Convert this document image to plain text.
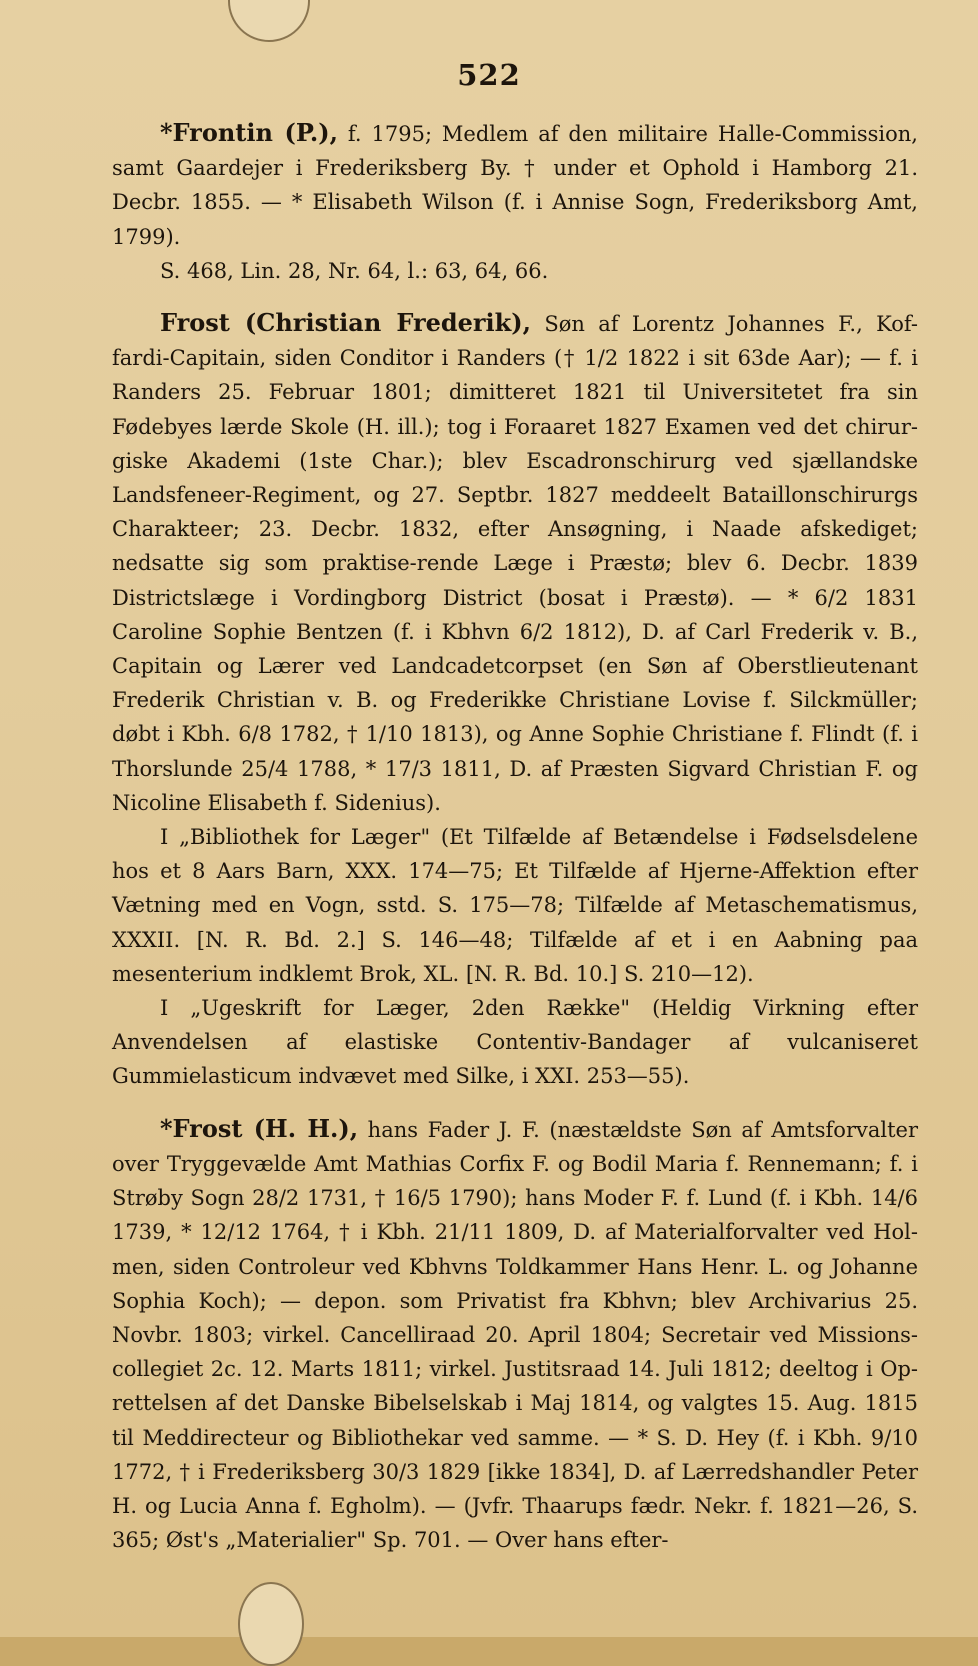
522

*Frontin (P.), f. 1795; Medlem af den militaire Halle-Commission, samt Gaardejer i Frederiksberg By. † under et Ophold i Hamborg 21. Decbr. 1855. — * Elisabeth Wilson (f. i Annise Sogn, Frederiksborg Amt, 1799).

S. 468, Lin. 28, Nr. 64, l.: 63, 64, 66.

Frost (Christian Frederik), Søn af Lorentz Johannes F., Kof-fardi-Capitain, siden Conditor i Randers († 1/2 1822 i sit 63de Aar); — f. i Randers 25. Februar 1801; dimitteret 1821 til Universitetet fra sin Fødebyes lærde Skole (H. ill.); tog i Foraaret 1827 Examen ved det chirur-giske Akademi (1ste Char.); blev Escadronschirurg ved sjællandske Landsfeneer-Regiment, og 27. Septbr. 1827 meddeelt Bataillonschirurgs Charakteer; 23. Decbr. 1832, efter Ansøgning, i Naade afskediget; nedsatte sig som praktise-rende Læge i Præstø; blev 6. Decbr. 1839 Districtslæge i Vordingborg District (bosat i Præstø). — * 6/2 1831 Caroline Sophie Bentzen (f. i Kbhvn 6/2 1812), D. af Carl Frederik v. B., Capitain og Lærer ved Landcadetcorpset (en Søn af Oberstlieutenant Frederik Christian v. B. og Frederikke Christiane Lovise f. Silckmüller; døbt i Kbh. 6/8 1782, † 1/10 1813), og Anne Sophie Christiane f. Flindt (f. i Thorslunde 25/4 1788, * 17/3 1811, D. af Præsten Sigvard Christian F. og Nicoline Elisabeth f. Sidenius).

I „Bibliothek for Læger" (Et Tilfælde af Betændelse i Fødselsdelene hos et 8 Aars Barn, XXX. 174—75; Et Tilfælde af Hjerne-Affektion efter Vætning med en Vogn, sstd. S. 175—78; Tilfælde af Metaschematismus, XXXII. [N. R. Bd. 2.] S. 146—48; Tilfælde af et i en Aabning paa mesenterium indklemt Brok, XL. [N. R. Bd. 10.] S. 210—12).

I „Ugeskrift for Læger, 2den Række" (Heldig Virkning efter Anvendelsen af elastiske Contentiv-Bandager af vulcaniseret Gummielasticum indvævet med Silke, i XXI. 253—55).

*Frost (H. H.), hans Fader J. F. (næstældste Søn af Amtsforvalter over Tryggevælde Amt Mathias Corfix F. og Bodil Maria f. Rennemann; f. i Strøby Sogn 28/2 1731, † 16/5 1790); hans Moder F. f. Lund (f. i Kbh. 14/6 1739, * 12/12 1764, † i Kbh. 21/11 1809, D. af Materialforvalter ved Hol-men, siden Controleur ved Kbhvns Toldkammer Hans Henr. L. og Johanne Sophia Koch); — depon. som Privatist fra Kbhvn; blev Archivarius 25. Novbr. 1803; virkel. Cancelliraad 20. April 1804; Secretair ved Missions-collegiet 2c. 12. Marts 1811; virkel. Justitsraad 14. Juli 1812; deeltog i Op-rettelsen af det Danske Bibelselskab i Maj 1814, og valgtes 15. Aug. 1815 til Meddirecteur og Bibliothekar ved samme. — * S. D. Hey (f. i Kbh. 9/10 1772, † i Frederiksberg 30/3 1829 [ikke 1834], D. af Lærredshandler Peter H. og Lucia Anna f. Egholm). — (Jvfr. Thaarups fædr. Nekr. f. 1821—26, S. 365; Øst's „Materialier" Sp. 701. — Over hans efter-
